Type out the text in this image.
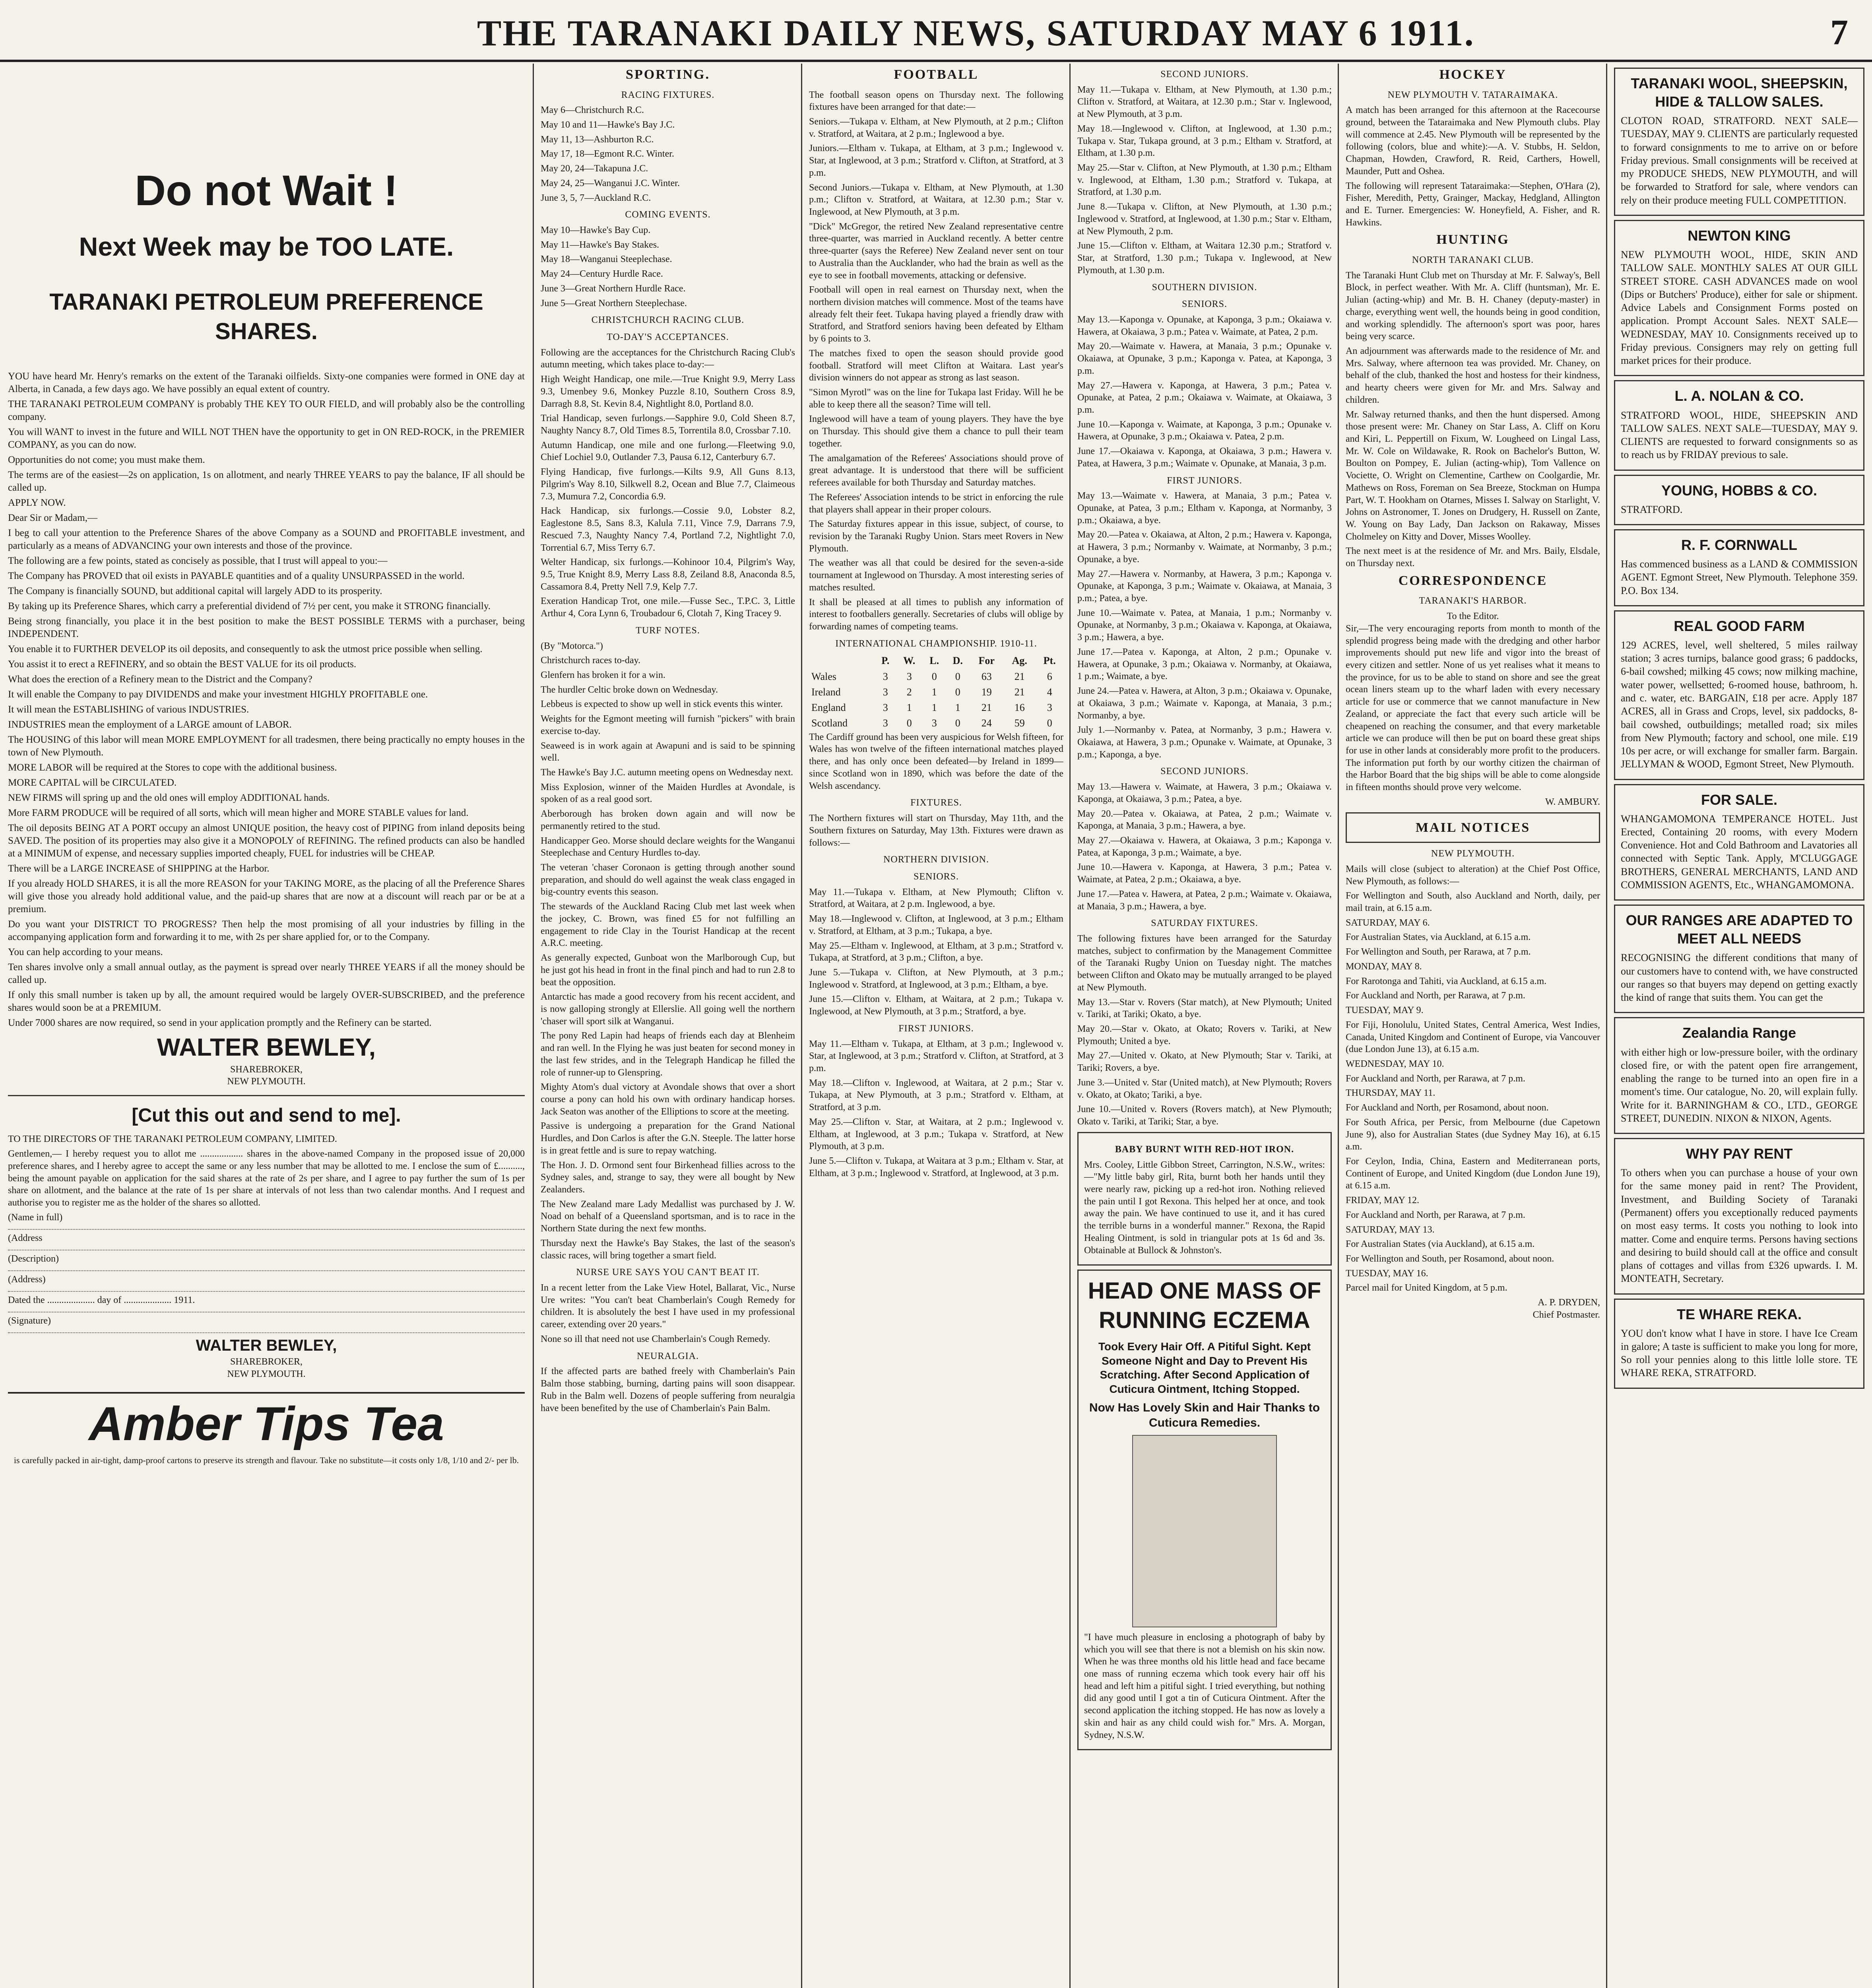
THE TARANAKI DAILY NEWS, SATURDAY MAY 6 1911.	7
Do not Wait !
Next Week may be TOO LATE.
TARANAKI PETROLEUM PREFERENCE SHARES.

YOU have heard Mr. Henry's remarks on the extent of the Taranaki oilfields. Sixty-one companies were formed in ONE day at Alberta, in Canada, a few days ago. We have possibly an equal extent of country.

THE TARANAKI PETROLEUM COMPANY is probably THE KEY TO OUR FIELD, and will probably also be the controlling company.

You will WANT to invest in the future and WILL NOT THEN have the opportunity to get in ON RED-ROCK, in the PREMIER COMPANY, as you can do now.

Opportunities do not come; you must make them.

The terms are of the easiest—2s on application, 1s on allotment, and nearly THREE YEARS to pay the balance, IF all should be called up.

APPLY NOW.

Dear Sir or Madam,—

I beg to call your attention to the Preference Shares of the above Company as a SOUND and PROFITABLE investment, and particularly as a means of ADVANCING your own interests and those of the province.

The following are a few points, stated as concisely as possible, that I trust will appeal to you:—

The Company has PROVED that oil exists in PAYABLE quantities and of a quality UNSURPASSED in the world.

The Company is financially SOUND, but additional capital will largely ADD to its prosperity.

By taking up its Preference Shares, which carry a preferential dividend of 7½ per cent, you make it STRONG financially.

Being strong financially, you place it in the best position to make the BEST POSSIBLE TERMS with a purchaser, being INDEPENDENT.

You enable it to FURTHER DEVELOP its oil deposits, and consequently to ask the utmost price possible when selling.

You assist it to erect a REFINERY, and so obtain the BEST VALUE for its oil products.

What does the erection of a Refinery mean to the District and the Company?

It will enable the Company to pay DIVIDENDS and make your investment HIGHLY PROFITABLE one.

It will mean the ESTABLISHING of various INDUSTRIES.

INDUSTRIES mean the employment of a LARGE amount of LABOR.

The HOUSING of this labor will mean MORE EMPLOYMENT for all tradesmen, there being practically no empty houses in the town of New Plymouth.

MORE LABOR will be required at the Stores to cope with the additional business.

MORE CAPITAL will be CIRCULATED.

NEW FIRMS will spring up and the old ones will employ ADDITIONAL hands.

More FARM PRODUCE will be required of all sorts, which will mean higher and MORE STABLE values for land.

The oil deposits BEING AT A PORT occupy an almost UNIQUE position, the heavy cost of PIPING from inland deposits being SAVED. The position of its properties may also give it a MONOPOLY of REFINING. The refined products can also be handled at a MINIMUM of expense, and necessary supplies imported cheaply, FUEL for industries will be CHEAP.

There will be a LARGE INCREASE of SHIPPING at the Harbor.

If you already HOLD SHARES, it is all the more REASON for your TAKING MORE, as the placing of all the Preference Shares will give those you already hold additional value, and the paid-up shares that are now at a discount will reach par or be at a premium.

Do you want your DISTRICT TO PROGRESS? Then help the most promising of all your industries by filling in the accompanying application form and forwarding it to me, with 2s per share applied for, or to the Company.

You can help according to your means.

Ten shares involve only a small annual outlay, as the payment is spread over nearly THREE YEARS if all the money should be called up.

If only this small number is taken up by all, the amount required would be largely OVER-SUBSCRIBED, and the preference shares would soon be at a PREMIUM.

Under 7000 shares are now required, so send in your application promptly and the Refinery can be started.

WALTER BEWLEY,
SHAREBROKER,
NEW PLYMOUTH.
[Cut this out and send to me].

TO THE DIRECTORS OF THE TARANAKI PETROLEUM COMPANY, LIMITED.

Gentlemen,— I hereby request you to allot me .................. shares in the above-named Company in the proposed issue of 20,000 preference shares, and I hereby agree to accept the same or any less number that may be allotted to me. I enclose the sum of £.........., being the amount payable on application for the said shares at the rate of 2s per share, and I agree to pay further the sum of 1s per share on allotment, and the balance at the rate of 1s per share at intervals of not less than two calendar months. And I request and authorise you to register me as the holder of the shares so allotted.

(Name in full)
(Address
(Description)
(Address)
Dated the .................... day of .................... 1911.
(Signature)
WALTER BEWLEY,
SHAREBROKER,
NEW PLYMOUTH.
Amber Tips Tea
is carefully packed in air-tight, damp-proof cartons to preserve its strength and flavour. Take no substitute—it costs only 1/8, 1/10 and 2/- per lb.
SPORTING.
RACING FIXTURES.

May 6—Christchurch R.C.

May 10 and 11—Hawke's Bay J.C.

May 11, 13—Ashburton R.C.

May 17, 18—Egmont R.C. Winter.

May 20, 24—Takapuna J.C.

May 24, 25—Wanganui J.C. Winter.

June 3, 5, 7—Auckland R.C.

COMING EVENTS.

May 10—Hawke's Bay Cup.

May 11—Hawke's Bay Stakes.

May 18—Wanganui Steeplechase.

May 24—Century Hurdle Race.

June 3—Great Northern Hurdle Race.

June 5—Great Northern Steeplechase.

CHRISTCHURCH RACING CLUB.
TO-DAY'S ACCEPTANCES.

Following are the acceptances for the Christchurch Racing Club's autumn meeting, which takes place to-day:—

High Weight Handicap, one mile.—True Knight 9.9, Merry Lass 9.3, Umenbey 9.6, Monkey Puzzle 8.10, Southern Cross 8.9, Darragh 8.8, St. Kevin 8.4, Nightlight 8.0, Portland 8.0.

Trial Handicap, seven furlongs.—Sapphire 9.0, Cold Sheen 8.7, Naughty Nancy 8.7, Old Times 8.5, Torrentila 8.0, Crossbar 7.10.

Autumn Handicap, one mile and one furlong.—Fleetwing 9.0, Chief Lochiel 9.0, Outlander 7.3, Pausa 6.12, Canterbury 6.7.

Flying Handicap, five furlongs.—Kilts 9.9, All Guns 8.13, Pilgrim's Way 8.10, Silkwell 8.2, Ocean and Blue 7.7, Claimeous 7.3, Mumura 7.2, Concordia 6.9.

Hack Handicap, six furlongs.—Cossie 9.0, Lobster 8.2, Eaglestone 8.5, Sans 8.3, Kalula 7.11, Vince 7.9, Darrans 7.9, Rescued 7.3, Naughty Nancy 7.4, Portland 7.2, Nightlight 7.0, Torrential 6.7, Miss Terry 6.7.

Welter Handicap, six furlongs.—Kohinoor 10.4, Pilgrim's Way, 9.5, True Knight 8.9, Merry Lass 8.8, Zeiland 8.8, Anaconda 8.5, Cassamora 8.4, Pretty Nell 7.9, Kelp 7.7.

Exeration Handicap Trot, one mile.—Fusse Sec., T.P.C. 3, Little Arthur 4, Cora Lynn 6, Troubadour 6, Clotah 7, King Tracey 9.

TURF NOTES.

(By "Motorca.")

Christchurch races to-day.

Glenfern has broken it for a win.

The hurdler Celtic broke down on Wednesday.

Lebbeus is expected to show up well in stick events this winter.

Weights for the Egmont meeting will furnish "pickers" with brain exercise to-day.

Seaweed is in work again at Awapuni and is said to be spinning well.

The Hawke's Bay J.C. autumn meeting opens on Wednesday next.

Miss Explosion, winner of the Maiden Hurdles at Avondale, is spoken of as a real good sort.

Aberborough has broken down again and will now be permanently retired to the stud.

Handicapper Geo. Morse should declare weights for the Wanganui Steeplechase and Century Hurdles to-day.

The veteran 'chaser Coronaon is getting through another sound preparation, and should do well against the weak class engaged in big-country events this season.

The stewards of the Auckland Racing Club met last week when the jockey, C. Brown, was fined £5 for not fulfilling an engagement to ride Clay in the Tourist Handicap at the recent A.R.C. meeting.

As generally expected, Gunboat won the Marlborough Cup, but he just got his head in front in the final pinch and had to run 2.8 to beat the opposition.

Antarctic has made a good recovery from his recent accident, and is now galloping strongly at Ellerslie. All going well the northern 'chaser will sport silk at Wanganui.

The pony Red Lapin had heaps of friends each day at Blenheim and ran well. In the Flying he was just beaten for second money in the last few strides, and in the Telegraph Handicap he filled the role of runner-up to Glenspring.

Mighty Atom's dual victory at Avondale shows that over a short course a pony can hold his own with ordinary handicap horses. Jack Seaton was another of the Elliptions to score at the meeting.

Passive is undergoing a preparation for the Grand National Hurdles, and Don Carlos is after the G.N. Steeple. The latter horse is in great fettle and is sure to repay watching.

The Hon. J. D. Ormond sent four Birkenhead fillies across to the Sydney sales, and, strange to say, they were all bought by New Zealanders.

The New Zealand mare Lady Medallist was purchased by J. W. Noad on behalf of a Queensland sportsman, and is to race in the Northern State during the next few months.

Thursday next the Hawke's Bay Stakes, the last of the season's classic races, will bring together a smart field.

NURSE URE SAYS YOU CAN'T BEAT IT.

In a recent letter from the Lake View Hotel, Ballarat, Vic., Nurse Ure writes: "You can't beat Chamberlain's Cough Remedy for children. It is absolutely the best I have used in my professional career, extending over 20 years."

None so ill that need not use Chamberlain's Cough Remedy.

NEURALGIA.

If the affected parts are bathed freely with Chamberlain's Pain Balm those stabbing, burning, darting pains will soon disappear. Rub in the Balm well. Dozens of people suffering from neuralgia have been benefited by the use of Chamberlain's Pain Balm.

FOOTBALL

The football season opens on Thursday next. The following fixtures have been arranged for that date:—

Seniors.—Tukapa v. Eltham, at New Plymouth, at 2 p.m.; Clifton v. Stratford, at Waitara, at 2 p.m.; Inglewood a bye.

Juniors.—Eltham v. Tukapa, at Eltham, at 3 p.m.; Inglewood v. Star, at Inglewood, at 3 p.m.; Stratford v. Clifton, at Stratford, at 3 p.m.

Second Juniors.—Tukapa v. Eltham, at New Plymouth, at 1.30 p.m.; Clifton v. Stratford, at Waitara, at 12.30 p.m.; Star v. Inglewood, at New Plymouth, at 3 p.m.

"Dick" McGregor, the retired New Zealand representative centre three-quarter, was married in Auckland recently. A better centre three-quarter (says the Referee) New Zealand never sent on tour to Australia than the Aucklander, who had the brain as well as the eye to see in football movements, attacking or defensive.

Football will open in real earnest on Thursday next, when the northern division matches will commence. Most of the teams have already felt their feet. Tukapa having played a friendly draw with Stratford, and Stratford seniors having been defeated by Eltham by 6 points to 3.

The matches fixed to open the season should provide good football. Stratford will meet Clifton at Waitara. Last year's division winners do not appear as strong as last season.

"Simon Myrotl" was on the line for Tukapa last Friday. Will he be able to keep there all the season? Time will tell.

Inglewood will have a team of young players. They have the bye on Thursday. This should give them a chance to pull their team together.

The amalgamation of the Referees' Associations should prove of great advantage. It is understood that there will be sufficient referees available for both Thursday and Saturday matches.

The Referees' Association intends to be strict in enforcing the rule that players shall appear in their proper colours.

The Saturday fixtures appear in this issue, subject, of course, to revision by the Taranaki Rugby Union. Stars meet Rovers in New Plymouth.

The weather was all that could be desired for the seven-a-side tournament at Inglewood on Thursday. A most interesting series of matches resulted.

It shall be pleased at all times to publish any information of interest to footballers generally. Secretaries of clubs will oblige by forwarding names of competing teams.

INTERNATIONAL CHAMPIONSHIP. 1910-11.
	P.	W.	L.	D.	For	Ag.	Pt.
Wales	3	3	0	0	63	21	6
Ireland	3	2	1	0	19	21	4
England	3	1	1	1	21	16	3
Scotland	3	0	3	0	24	59	0

The Cardiff ground has been very auspicious for Welsh fifteen, for Wales has won twelve of the fifteen international matches played there, and has only once been defeated—by Ireland in 1899—since Scotland won in 1890, which was before the date of the Welsh ascendancy.

FIXTURES.

The Northern fixtures will start on Thursday, May 11th, and the Southern fixtures on Saturday, May 13th. Fixtures were drawn as follows:—

NORTHERN DIVISION.
SENIORS.

May 11.—Tukapa v. Eltham, at New Plymouth; Clifton v. Stratford, at Waitara, at 2 p.m. Inglewood, a bye.

May 18.—Inglewood v. Clifton, at Inglewood, at 3 p.m.; Eltham v. Stratford, at Eltham, at 3 p.m.; Tukapa, a bye.

May 25.—Eltham v. Inglewood, at Eltham, at 3 p.m.; Stratford v. Tukapa, at Stratford, at 3 p.m.; Clifton, a bye.

June 5.—Tukapa v. Clifton, at New Plymouth, at 3 p.m.; Inglewood v. Stratford, at Inglewood, at 3 p.m.; Eltham, a bye.

June 15.—Clifton v. Eltham, at Waitara, at 2 p.m.; Tukapa v. Inglewood, at New Plymouth, at 3 p.m.; Stratford, a bye.

FIRST JUNIORS.

May 11.—Eltham v. Tukapa, at Eltham, at 3 p.m.; Inglewood v. Star, at Inglewood, at 3 p.m.; Stratford v. Clifton, at Stratford, at 3 p.m.

May 18.—Clifton v. Inglewood, at Waitara, at 2 p.m.; Star v. Tukapa, at New Plymouth, at 3 p.m.; Stratford v. Eltham, at Stratford, at 3 p.m.

May 25.—Clifton v. Star, at Waitara, at 2 p.m.; Inglewood v. Eltham, at Inglewood, at 3 p.m.; Tukapa v. Stratford, at New Plymouth, at 3 p.m.

June 5.—Clifton v. Tukapa, at Waitara at 3 p.m.; Eltham v. Star, at Eltham, at 3 p.m.; Inglewood v. Stratford, at Inglewood, at 3 p.m.

SECOND JUNIORS.

May 11.—Tukapa v. Eltham, at New Plymouth, at 1.30 p.m.; Clifton v. Stratford, at Waitara, at 12.30 p.m.; Star v. Inglewood, at New Plymouth, at 3 p.m.

May 18.—Inglewood v. Clifton, at Inglewood, at 1.30 p.m.; Tukapa v. Star, Tukapa ground, at 3 p.m.; Eltham v. Stratford, at Eltham, at 1.30 p.m.

May 25.—Star v. Clifton, at New Plymouth, at 1.30 p.m.; Eltham v. Inglewood, at Eltham, 1.30 p.m.; Stratford v. Tukapa, at Stratford, at 1.30 p.m.

June 8.—Tukapa v. Clifton, at New Plymouth, at 1.30 p.m.; Inglewood v. Stratford, at Inglewood, at 1.30 p.m.; Star v. Eltham, at New Plymouth, 2 p.m.

June 15.—Clifton v. Eltham, at Waitara 12.30 p.m.; Stratford v. Star, at Stratford, 1.30 p.m.; Tukapa v. Inglewood, at New Plymouth, at 1.30 p.m.

SOUTHERN DIVISION.
SENIORS.

May 13.—Kaponga v. Opunake, at Kaponga, 3 p.m.; Okaiawa v. Hawera, at Okaiawa, 3 p.m.; Patea v. Waimate, at Patea, 2 p.m.

May 20.—Waimate v. Hawera, at Manaia, 3 p.m.; Opunake v. Okaiawa, at Opunake, 3 p.m.; Kaponga v. Patea, at Kaponga, 3 p.m.

May 27.—Hawera v. Kaponga, at Hawera, 3 p.m.; Patea v. Opunake, at Patea, 2 p.m.; Okaiawa v. Waimate, at Okaiawa, 3 p.m.

June 10.—Kaponga v. Waimate, at Kaponga, 3 p.m.; Opunake v. Hawera, at Opunake, 3 p.m.; Okaiawa v. Patea, 2 p.m.

June 17.—Okaiawa v. Kaponga, at Okaiawa, 3 p.m.; Hawera v. Patea, at Hawera, 3 p.m.; Waimate v. Opunake, at Manaia, 3 p.m.

FIRST JUNIORS.

May 13.—Waimate v. Hawera, at Manaia, 3 p.m.; Patea v. Opunake, at Patea, 3 p.m.; Eltham v. Kaponga, at Normanby, 3 p.m.; Okaiawa, a bye.

May 20.—Patea v. Okaiawa, at Alton, 2 p.m.; Hawera v. Kaponga, at Hawera, 3 p.m.; Normanby v. Waimate, at Normanby, 3 p.m.; Opunake, a bye.

May 27.—Hawera v. Normanby, at Hawera, 3 p.m.; Kaponga v. Opunake, at Kaponga, 3 p.m.; Waimate v. Okaiawa, at Manaia, 3 p.m.; Patea, a bye.

June 10.—Waimate v. Patea, at Manaia, 1 p.m.; Normanby v. Opunake, at Normanby, 3 p.m.; Okaiawa v. Kaponga, at Okaiawa, 3 p.m.; Hawera, a bye.

June 17.—Patea v. Kaponga, at Alton, 2 p.m.; Opunake v. Hawera, at Opunake, 3 p.m.; Okaiawa v. Normanby, at Okaiawa, 1 p.m.; Waimate, a bye.

June 24.—Patea v. Hawera, at Alton, 3 p.m.; Okaiawa v. Opunake, at Okaiawa, 3 p.m.; Waimate v. Kaponga, at Manaia, 3 p.m.; Normanby, a bye.

July 1.—Normanby v. Patea, at Normanby, 3 p.m.; Hawera v. Okaiawa, at Hawera, 3 p.m.; Opunake v. Waimate, at Opunake, 3 p.m.; Kaponga, a bye.

SECOND JUNIORS.

May 13.—Hawera v. Waimate, at Hawera, 3 p.m.; Okaiawa v. Kaponga, at Okaiawa, 3 p.m.; Patea, a bye.

May 20.—Patea v. Okaiawa, at Patea, 2 p.m.; Waimate v. Kaponga, at Manaia, 3 p.m.; Hawera, a bye.

May 27.—Okaiawa v. Hawera, at Okaiawa, 3 p.m.; Kaponga v. Patea, at Kaponga, 3 p.m.; Waimate, a bye.

June 10.—Hawera v. Kaponga, at Hawera, 3 p.m.; Patea v. Waimate, at Patea, 2 p.m.; Okaiawa, a bye.

June 17.—Patea v. Hawera, at Patea, 2 p.m.; Waimate v. Okaiawa, at Manaia, 3 p.m.; Hawera, a bye.

SATURDAY FIXTURES.

The following fixtures have been arranged for the Saturday matches, subject to confirmation by the Management Committee of the Taranaki Rugby Union on Tuesday night. The matches between Clifton and Okato may be mutually arranged to be played at New Plymouth.

May 13.—Star v. Rovers (Star match), at New Plymouth; United v. Tariki, at Tariki; Okato, a bye.

May 20.—Star v. Okato, at Okato; Rovers v. Tariki, at New Plymouth; United a bye.

May 27.—United v. Okato, at New Plymouth; Star v. Tariki, at Tariki; Rovers, a bye.

June 3.—United v. Star (United match), at New Plymouth; Rovers v. Okato, at Okato; Tariki, a bye.

June 10.—United v. Rovers (Rovers match), at New Plymouth; Okato v. Tariki, at Tariki; Star, a bye.

BABY BURNT WITH RED-HOT IRON.

Mrs. Cooley, Little Gibbon Street, Carrington, N.S.W., writes:—"My little baby girl, Rita, burnt both her hands until they were nearly raw, picking up a red-hot iron. Nothing relieved the pain until I got Rexona. This helped her at once, and took away the pain. We have continued to use it, and it has cured the terrible burns in a wonderful manner." Rexona, the Rapid Healing Ointment, is sold in triangular pots at 1s 6d and 3s. Obtainable at Bullock & Johnston's.

HEAD ONE MASS OF
RUNNING ECZEMA
Took Every Hair Off. A Pitiful Sight. Kept Someone Night and Day to Prevent His Scratching. After Second Application of Cuticura Ointment, Itching Stopped.
Now Has Lovely Skin and Hair Thanks to Cuticura Remedies.

"I have much pleasure in enclosing a photograph of baby by which you will see that there is not a blemish on his skin now. When he was three months old his little head and face became one mass of running eczema which took every hair off his head and left him a pitiful sight. I tried everything, but nothing did any good until I got a tin of Cuticura Ointment. After the second application the itching stopped. He has now as lovely a skin and hair as any child could wish for." Mrs. A. Morgan, Sydney, N.S.W.

HOCKEY
NEW PLYMOUTH V. TATARAIMAKA.

A match has been arranged for this afternoon at the Racecourse ground, between the Tataraimaka and New Plymouth clubs. Play will commence at 2.45. New Plymouth will be represented by the following (colors, blue and white):—A. V. Stubbs, H. Seldon, Chapman, Howden, Crawford, R. Reid, Carthers, Howell, Maunder, Putt and Oshea.

The following will represent Tataraimaka:—Stephen, O'Hara (2), Fisher, Meredith, Petty, Grainger, Mackay, Hedgland, Allington and E. Turner. Emergencies: W. Honeyfield, A. Fisher, and R. Hawkins.

HUNTING
NORTH TARANAKI CLUB.

The Taranaki Hunt Club met on Thursday at Mr. F. Salway's, Bell Block, in perfect weather. With Mr. A. Cliff (huntsman), Mr. E. Julian (acting-whip) and Mr. B. H. Chaney (deputy-master) in charge, everything went well, the hounds being in good condition, and working splendidly. The afternoon's sport was poor, hares being very scarce.

An adjournment was afterwards made to the residence of Mr. and Mrs. Salway, where afternoon tea was provided. Mr. Chaney, on behalf of the club, thanked the host and hostess for their kindness, and hearty cheers were given for Mr. and Mrs. Salway and children.

Mr. Salway returned thanks, and then the hunt dispersed. Among those present were: Mr. Chaney on Star Lass, A. Cliff on Koru and Kiri, L. Peppertill on Fixum, W. Lougheed on Lingal Lass, Mr. W. Cole on Wildawake, R. Rook on Bachelor's Button, W. Boulton on Pompey, E. Julian (acting-whip), Tom Vallence on Vociette, O. Wright on Clementine, Carthew on Coolgardie, Mr. Mathews on Ross, Foreman on Sea Breeze, Stockman on Humpa Part, W. T. Hookham on Otarnes, Misses I. Salway on Starlight, V. Johns on Astronomer, T. Jones on Drudgery, H. Russell on Zante, W. Young on Bay Lady, Dan Jackson on Rakaway, Misses Cholmeley on Kitty and Dover, Misses Woolley.

The next meet is at the residence of Mr. and Mrs. Baily, Elsdale, on Thursday next.

CORRESPONDENCE
TARANAKI'S HARBOR.
To the Editor.

Sir,—The very encouraging reports from month to month of the splendid progress being made with the dredging and other harbor improvements should put new life and vigor into the breast of every citizen and settler. None of us yet realises what it means to the province, for us to be able to stand on shore and see the great ocean liners steam up to the wharf laden with every necessary article for use or commerce that we cannot manufacture in New Zealand, or appreciate the fact that every such article will be cheapened on reaching the consumer, and that every marketable article we can produce will then be put on board these great ships for use in other lands at considerably more profit to the producers. The information put forth by our worthy citizen the chairman of the Harbor Board that the big ships will be able to come alongside in fifteen months should prove very welcome.

W. AMBURY.
MAIL NOTICES
NEW PLYMOUTH.

Mails will close (subject to alteration) at the Chief Post Office, New Plymouth, as follows:—

For Wellington and South, also Auckland and North, daily, per mail train, at 6.15 a.m.

SATURDAY, MAY 6.

For Australian States, via Auckland, at 6.15 a.m.

For Wellington and South, per Rarawa, at 7 p.m.

MONDAY, MAY 8.

For Rarotonga and Tahiti, via Auckland, at 6.15 a.m.

For Auckland and North, per Rarawa, at 7 p.m.

TUESDAY, MAY 9.

For Fiji, Honolulu, United States, Central America, West Indies, Canada, United Kingdom and Continent of Europe, via Vancouver (due London June 13), at 6.15 a.m.

WEDNESDAY, MAY 10.

For Auckland and North, per Rarawa, at 7 p.m.

THURSDAY, MAY 11.

For Auckland and North, per Rosamond, about noon.

For South Africa, per Persic, from Melbourne (due Capetown June 9), also for Australian States (due Sydney May 16), at 6.15 a.m.

For Ceylon, India, China, Eastern and Mediterranean ports, Continent of Europe, and United Kingdom (due London June 19), at 6.15 a.m.

FRIDAY, MAY 12.

For Auckland and North, per Rarawa, at 7 p.m.

SATURDAY, MAY 13.

For Australian States (via Auckland), at 6.15 a.m.

For Wellington and South, per Rosamond, about noon.

TUESDAY, MAY 16.

Parcel mail for United Kingdom, at 5 p.m.

A. P. DRYDEN,
Chief Postmaster.
TARANAKI WOOL, SHEEPSKIN, HIDE & TALLOW SALES.

CLOTON ROAD, STRATFORD. NEXT SALE—TUESDAY, MAY 9. CLIENTS are particularly requested to forward consignments to me to arrive on or before Friday previous. Small consignments will be received at my PRODUCE SHEDS, NEW PLYMOUTH, and will be forwarded to Stratford for sale, where vendors can rely on their produce meeting FULL COMPETITION.

NEWTON KING

NEW PLYMOUTH WOOL, HIDE, SKIN AND TALLOW SALE. MONTHLY SALES AT OUR GILL STREET STORE. CASH ADVANCES made on wool (Dips or Butchers' Produce), either for sale or shipment. Advice Labels and Consignment Forms posted on application. Prompt Account Sales. NEXT SALE—WEDNESDAY, MAY 10. Consignments received up to Friday previous. Consigners may rely on getting full market prices for their produce.

L. A. NOLAN & CO.

STRATFORD WOOL, HIDE, SHEEPSKIN AND TALLOW SALES. NEXT SALE—TUESDAY, MAY 9. CLIENTS are requested to forward consignments so as to reach us by FRIDAY previous to sale.

YOUNG, HOBBS & CO.

STRATFORD.

R. F. CORNWALL

Has commenced business as a LAND & COMMISSION AGENT. Egmont Street, New Plymouth. Telephone 359. P.O. Box 134.

REAL GOOD FARM

129 ACRES, level, well sheltered, 5 miles railway station; 3 acres turnips, balance good grass; 6 paddocks, 6-bail cowshed; milking 45 cows; now milking machine, water power, wellsetted; 6-roomed house, bathroom, h. and c. water, etc. BARGAIN, £18 per acre. Apply 187 ACRES, all in Grass and Crops, level, six paddocks, 8-bail cowshed, outbuildings; metalled road; six miles from New Plymouth; factory and school, one mile. £19 10s per acre, or will exchange for smaller farm. Bargain. JELLYMAN & WOOD, Egmont Street, New Plymouth.

FOR SALE.

WHANGAMOMONA TEMPERANCE HOTEL. Just Erected, Containing 20 rooms, with every Modern Convenience. Hot and Cold Bathroom and Lavatories all connected with Septic Tank. Apply, M'CLUGGAGE BROTHERS, GENERAL MERCHANTS, LAND AND COMMISSION AGENTS, Etc., WHANGAMOMONA.

OUR RANGES ARE ADAPTED TO MEET ALL NEEDS

RECOGNISING the different conditions that many of our customers have to contend with, we have constructed our ranges so that buyers may depend on getting exactly the kind of range that suits them. You can get the

Zealandia Range

with either high or low-pressure boiler, with the ordinary closed fire, or with the patent open fire arrangement, enabling the range to be turned into an open fire in a moment's time. Our catalogue, No. 20, will explain fully. Write for it. BARNINGHAM & CO., LTD., GEORGE STREET, DUNEDIN. NIXON & NIXON, Agents.

WHY PAY RENT

To others when you can purchase a house of your own for the same money paid in rent? The Provident, Investment, and Building Society of Taranaki (Permanent) offers you exceptionally reduced payments on most easy terms. It costs you nothing to look into matter. Come and enquire terms. Persons having sections and desiring to build should call at the office and consult plans of cottages and villas from £326 upwards. I. M. MONTEATH, Secretary.

TE WHARE REKA.

YOU don't know what I have in store. I have Ice Cream in galore; A taste is sufficient to make you long for more, So roll your pennies along to this little lolle store. TE WHARE REKA, STRATFORD.
